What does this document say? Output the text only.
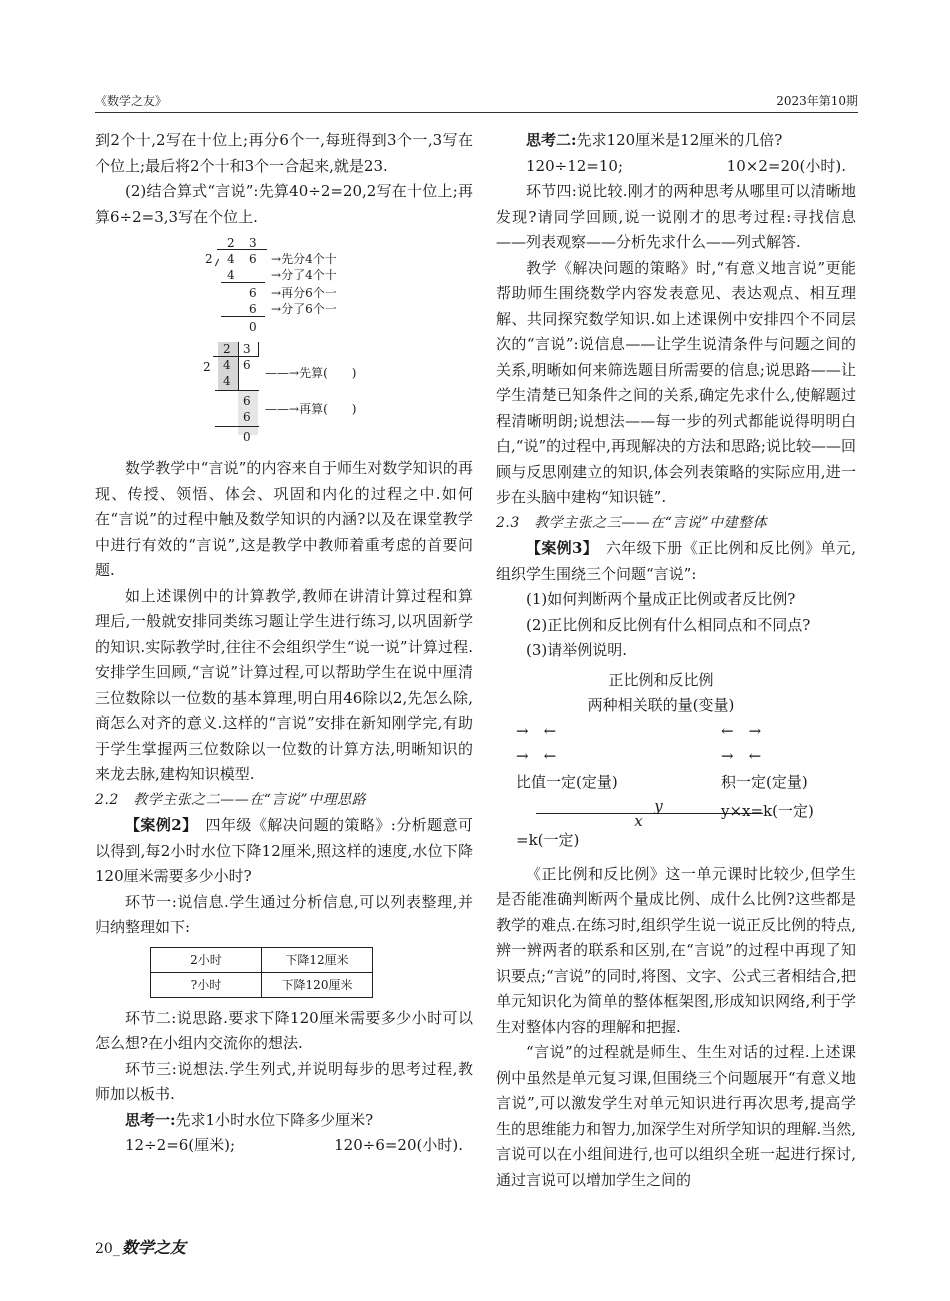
《数学之友》	2023年第10期

到2个十,2写在十位上;再分6个一,每班得到3个一,3写在个位上;最后将2个十和3个一合起来,就是23.

(2)结合算式“言说”:先算40÷2=20,2写在十位上;再算6÷2=3,3写在个位上.

2 3
2 4 6
4
6
6
0
→先分4个十
→分了4个十
→再分6个一
→分了6个一
2 3
2 4 6
4
6
6
0
——→先算(　　)
——→再算(　　)

数学教学中“言说”的内容来自于师生对数学知识的再现、传授、领悟、体会、巩固和内化的过程之中.如何在“言说”的过程中触及数学知识的内涵?以及在课堂教学中进行有效的“言说”,这是教学中教师着重考虑的首要问题.

如上述课例中的计算教学,教师在讲清计算过程和算理后,一般就安排同类练习题让学生进行练习,以巩固新学的知识.实际教学时,往往不会组织学生“说一说”计算过程.安排学生回顾,“言说”计算过程,可以帮助学生在说中厘清三位数除以一位数的基本算理,明白用46除以2,先怎么除,商怎么对齐的意义.这样的“言说”安排在新知刚学完,有助于学生掌握两三位数除以一位数的计算方法,明晰知识的来龙去脉,建构知识模型.

2.2　教学主张之二——在“言说”中理思路

【案例2】　四年级《解决问题的策略》:分析题意可以得到,每2小时水位下降12厘米,照这样的速度,水位下降120厘米需要多少小时?

环节一:说信息.学生通过分析信息,可以列表整理,并归纳整理如下:

2小时	下降12厘米
?小时	下降120厘米

环节二:说思路.要求下降120厘米需要多少小时可以怎么想?在小组内交流你的想法.

环节三:说想法.学生列式,并说明每步的思考过程,教师加以板书.

思考一:先求1小时水位下降多少厘米?

12÷2=6(厘米);	120÷6=20(小时).

思考二:先求120厘米是12厘米的几倍?

120÷12=10;	10×2=20(小时).

环节四:说比较.刚才的两种思考从哪里可以清晰地发现?请同学回顾,说一说刚才的思考过程:寻找信息——列表观察——分析先求什么——列式解答.

教学《解决问题的策略》时,“有意义地言说”更能帮助师生围绕数学内容发表意见、表达观点、相互理解、共同探究数学知识.如上述课例中安排四个不同层次的“言说”:说信息——让学生说清条件与问题之间的关系,明晰如何来筛选题目所需要的信息;说思路——让学生清楚已知条件之间的关系,确定先求什么,使解题过程清晰明朗;说想法——每一步的列式都能说得明明白白,“说”的过程中,再现解决的方法和思路;说比较——回顾与反思刚建立的知识,体会列表策略的实际应用,进一步在头脑中建构“知识链”.

2.3　教学主张之三——在“言说”中建整体

【案例3】　六年级下册《正比例和反比例》单元,组织学生围绕三个问题“言说”:

(1)如何判断两个量成正比例或者反比例?

(2)正比例和反比例有什么相同点和不同点?

(3)请举例说明.

正比例和反比例
两种相关联的量(变量)
→　←	←　→
→　←	→　←
比值一定(定量)	积一定(定量)
$\frac{y}{x}$
=k(一定)
y×x=k(一定)

《正比例和反比例》这一单元课时比较少,但学生是否能准确判断两个量成比例、成什么比例?这些都是教学的难点.在练习时,组织学生说一说正反比例的特点,辨一辨两者的联系和区别,在“言说”的过程中再现了知识要点;“言说”的同时,将图、文字、公式三者相结合,把单元知识化为简单的整体框架图,形成知识网络,利于学生对整体内容的理解和把握.

“言说”的过程就是师生、生生对话的过程.上述课例中虽然是单元复习课,但围绕三个问题展开“有意义地言说”,可以激发学生对单元知识进行再次思考,提高学生的思维能力和智力,加深学生对所学知识的理解.当然,言说可以在小组间进行,也可以组织全班一起进行探讨,通过言说可以增加学生之间的

20_ 数学之友
